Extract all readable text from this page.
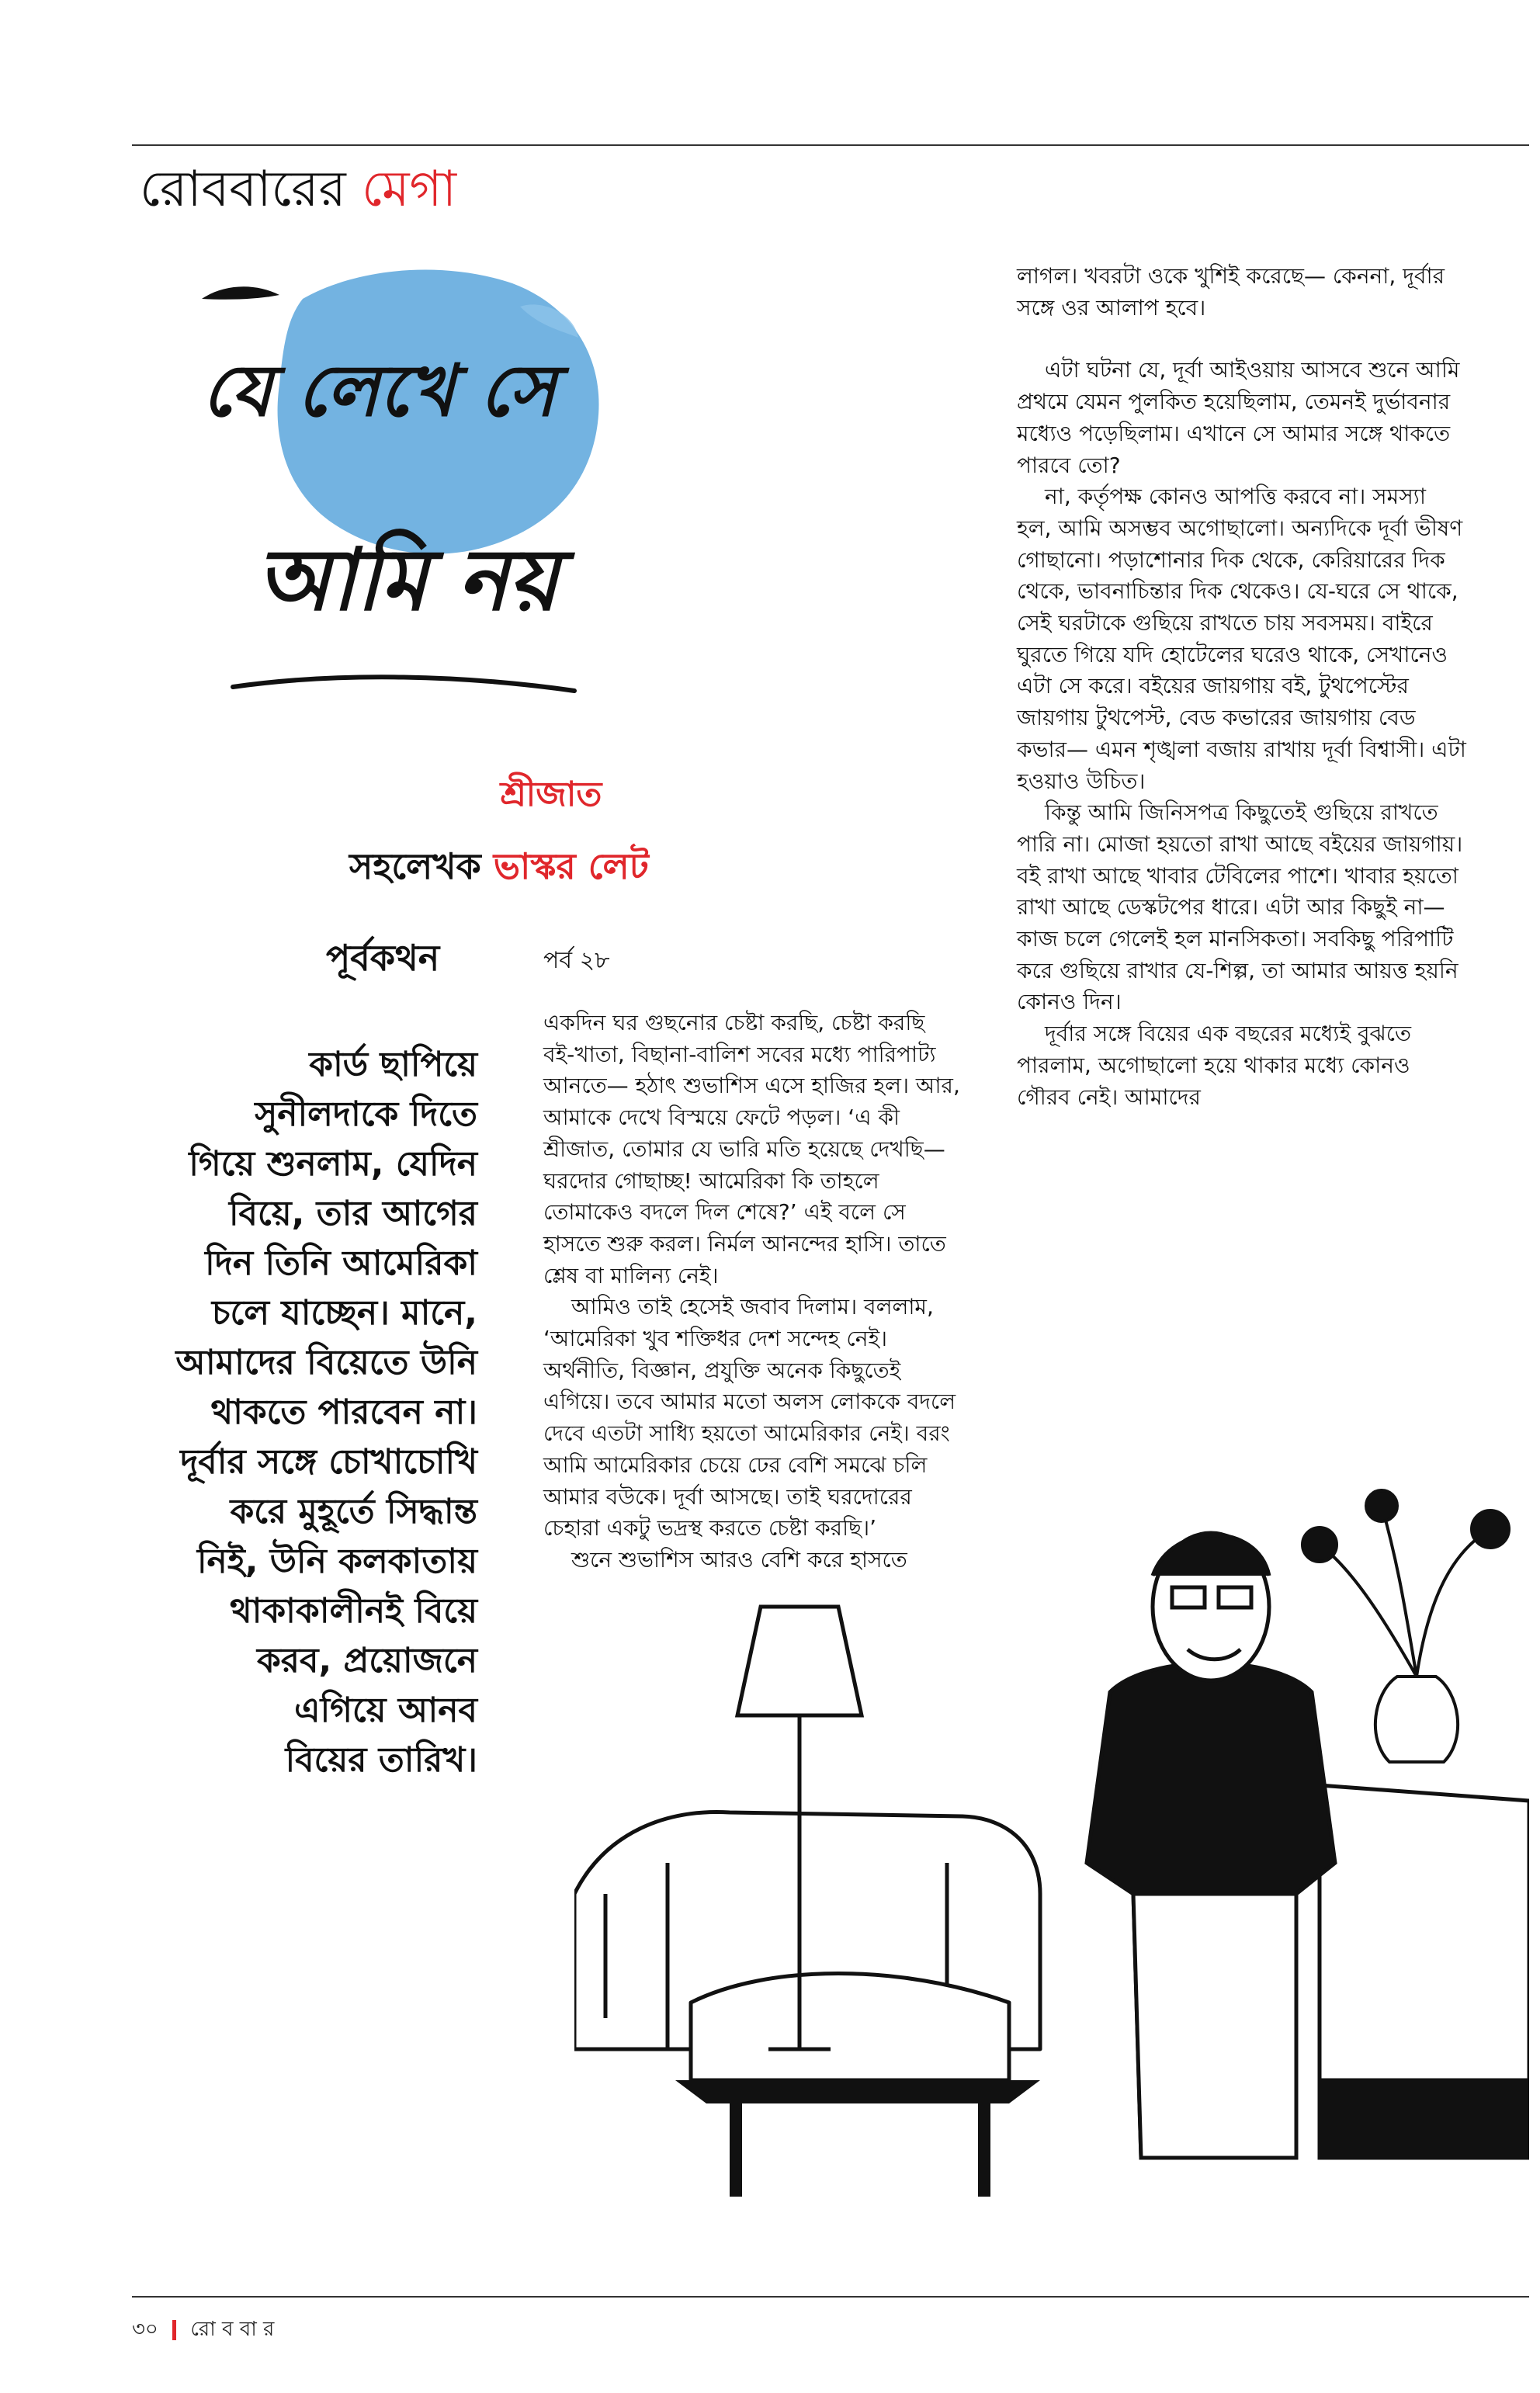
রোববারের মেগা
যে লেখে সে
আমি নয়
শ্রীজাত
সহলেখক ভাস্কর লেট
পূর্বকথন	পর্ব ২৮
কার্ড ছাপিয়ে
সুনীলদাকে দিতে
গিয়ে শুনলাম, যেদিন
বিয়ে, তার আগের
দিন তিনি আমেরিকা
চলে যাচ্ছেন। মানে,
আমাদের বিয়েতে উনি
থাকতে পারবেন না।
দূর্বার সঙ্গে চোখাচোখি
করে মুহূর্তে সিদ্ধান্ত
নিই, উনি কলকাতায়
থাকাকালীনই বিয়ে
করব, প্রয়োজনে
এগিয়ে আনব
বিয়ের তারিখ।

একদিন ঘর গুছনোর চেষ্টা করছি, চেষ্টা করছি বই-খাতা, বিছানা-বালিশ সবের মধ্যে পারিপাট্য আনতে— হঠাৎ শুভাশিস এসে হাজির হল। আর, আমাকে দেখে বিস্ময়ে ফেটে পড়ল। ‘এ কী শ্রীজাত, তোমার যে ভারি মতি হয়েছে দেখছি— ঘরদোর গোছাচ্ছ! আমেরিকা কি তাহলে তোমাকেও বদলে দিল শেষে?’ এই বলে সে হাসতে শুরু করল। নির্মল আনন্দের হাসি। তাতে শ্লেষ বা মালিন্য নেই।

আমিও তাই হেসেই জবাব দিলাম। বললাম, ‘আমেরিকা খুব শক্তিধর দেশ সন্দেহ নেই। অর্থনীতি, বিজ্ঞান, প্রযুক্তি অনেক কিছুতেই এগিয়ে। তবে আমার মতো অলস লোককে বদলে দেবে এতটা সাধ্যি হয়তো আমেরিকার নেই। বরং আমি আমেরিকার চেয়ে ঢের বেশি সমঝে চলি আমার বউকে। দূর্বা আসছে। তাই ঘরদোরের চেহারা একটু ভদ্রস্থ করতে চেষ্টা করছি।’

শুনে শুভাশিস আরও বেশি করে হাসতে

লাগল। খবরটা ওকে খুশিই করেছে— কেননা, দূর্বার সঙ্গে ওর আলাপ হবে।

এটা ঘটনা যে, দূর্বা আইওয়ায় আসবে শুনে আমি প্রথমে যেমন পুলকিত হয়েছিলাম, তেমনই দুর্ভাবনার মধ্যেও পড়েছিলাম। এখানে সে আমার সঙ্গে থাকতে পারবে তো?

না, কর্তৃপক্ষ কোনও আপত্তি করবে না। সমস্যা হল, আমি অসম্ভব অগোছালো। অন্যদিকে দূর্বা ভীষণ গোছানো। পড়াশোনার দিক থেকে, কেরিয়ারের দিক থেকে, ভাবনাচিন্তার দিক থেকেও। যে-ঘরে সে থাকে, সেই ঘরটাকে গুছিয়ে রাখতে চায় সবসময়। বাইরে ঘুরতে গিয়ে যদি হোটেলের ঘরেও থাকে, সেখানেও এটা সে করে। বইয়ের জায়গায় বই, টুথপেস্টের জায়গায় টুথপেস্ট, বেড কভারের জায়গায় বেড কভার— এমন শৃঙ্খলা বজায় রাখায় দূর্বা বিশ্বাসী। এটা হওয়াও উচিত।

কিন্তু আমি জিনিসপত্র কিছুতেই গুছিয়ে রাখতে পারি না। মোজা হয়তো রাখা আছে বইয়ের জায়গায়। বই রাখা আছে খাবার টেবিলের পাশে। খাবার হয়তো রাখা আছে ডেস্কটপের ধারে। এটা আর কিছুই না— কাজ চলে গেলেই হল মানসিকতা। সবকিছু পরিপাটি করে গুছিয়ে রাখার যে-শিল্প, তা আমার আয়ত্ত হয়নি কোনও দিন।

দূর্বার সঙ্গে বিয়ের এক বছরের মধ্যেই বুঝতে পারলাম, অগোছালো হয়ে থাকার মধ্যে কোনও গৌরব নেই। আমাদের

৩০ রো ব বা র
